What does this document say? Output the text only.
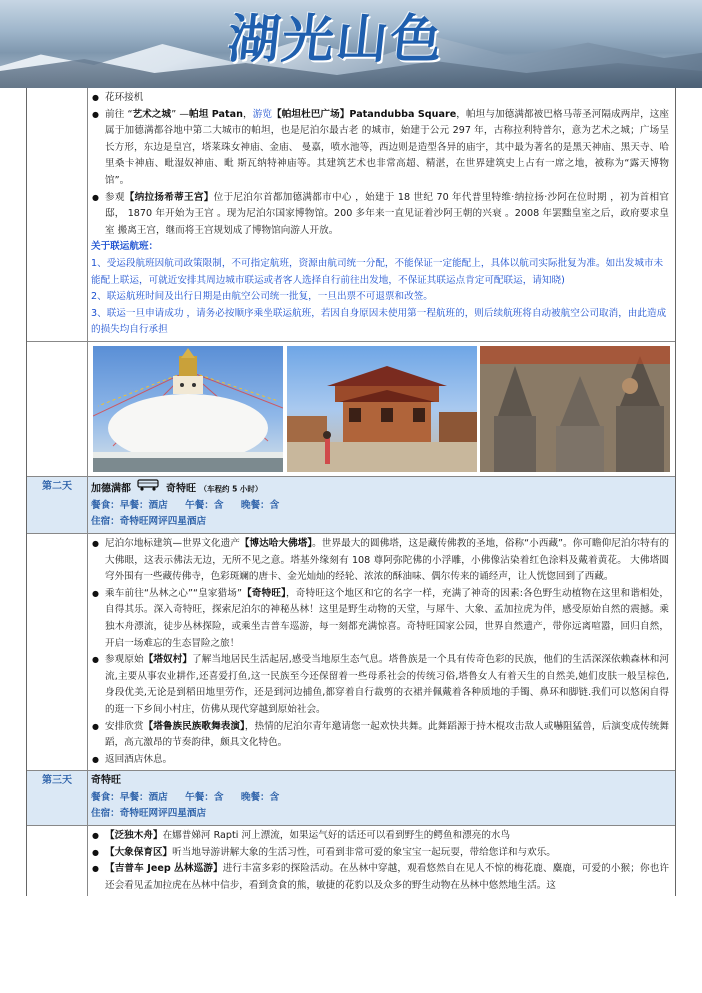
湖光山色
● 花环接机
● 前往 “艺术之城” —帕坦 Patan，游览【帕坦杜巴广场】Patandubba Square，帕坦与加德满都被巴格马蒂圣河隔成两岸，这座属于加德满都谷地中第二大城市的帕坦，也是尼泊尔最古老 的城市，始建于公元 297 年，古称拉利特普尔，意为艺术之城；广场呈长方形，东边是皇宫，塔莱珠女神庙、金庙、 曼嘉，喷水池等，西边则是造型各异的庙宇，其中最为著名的是黑天神庙、黑天寺、哈里桑卡神庙、毗湿奴神庙、毗 斯瓦纳特神庙等。其建筑艺术也非常高超、精湛，在世界建筑史上占有一席之地，被称为“露天博物馆”。
● 参观【纳拉扬希蒂王宫】位于尼泊尔首都加德满都市中心 ，始建于 18 世纪 70 年代普里特维·纳拉扬·沙阿在位时期 ，初为首相官邸， 1870 年开始为王宫 。现为尼泊尔国家博物馆。200 多年来一直见证着沙阿王朝的兴衰 。2008 年罢黜皇室之后，政府要求皇室 搬离王宫，继而将王宫规划成了博物馆向游人开放。
关于联运航班：
1、受运段航班因航司政策限制，不可指定航班，资源由航司统一分配，不能保证一定能配上，具体以航司实际批复为准。如出发城市未能配上联运，可就近安排其周边城市联运或者客人选择自行前往出发地，不保证其联运点肯定可配联运，请知晓)
2、联运航班时间及出行日期是由航空公司统一批复，一旦出票不可退票和改签。
3、联运一旦申请成功 ，请务必按顺序乘坐联运航班，若因自身原因未使用第一程航班的，则后续航班将自动被航空公司取消，由此造成的损失均自行承担
第二天	加德满都	奇特旺 （车程约 5 小时）
餐食：早餐：酒店 午餐：含 晚餐：含
住宿：奇特旺网评四星酒店
● 尼泊尔地标建筑—世界文化遗产【博达哈大佛塔】。世界最大的圆佛塔，这是藏传佛教的圣地，俗称“小西藏”。你可瞻仰尼泊尔特有的大佛眼，这表示佛法无边，无所不见之意。塔基外缘刻有 108 尊阿弥陀佛的小浮雕，小佛像沾染着红色涂料及戴着黄花。 大佛塔圆穹外围有一些藏传佛寺，色彩斑斓的唐卡、金光灿灿的经轮、浓浓的酥油味、偶尔传来的诵经声，让人恍惚回到了西藏。
● 乘车前往“丛林之心”“皇家猎场”【奇特旺】，奇特旺这个地区和它的名字一样，充满了神奇的因素:各色野生动植物在这里和谐相处，自得其乐。深入奇特旺，探索尼泊尔的神秘丛林！这里是野生动物的天堂，与犀牛、大象、孟加拉虎为伴，感受原始自然的震撼。乘独木舟漂流，徒步丛林探险，或乘坐吉普车巡游，每一刻都充满惊喜。奇特旺国家公园，世界自然遗产，带你远离喧嚣，回归自然，开启一场难忘的生态冒险之旅！
● 参观原始【塔奴村】了解当地居民生活起居,感受当地原生态气息。塔鲁族是一个具有传奇色彩的民族，他们的生活深深依赖森林和河流,主要从事农业耕作,还喜爱打鱼,这一民族至今还保留着一些母系社会的传统习俗,塔鲁女人有着天生的自然美,她们皮肤一般呈棕色,身段优美,无论是到稻田地里劳作，还是到河边捕鱼,都穿着自行裁剪的衣裙并佩戴着各种质地的手镯、鼻环和脚链.我们可以悠闲自得的逛一下乡间小村庄，仿佛从现代穿越到原始社会。
● 安排欣赏【塔鲁族民族歌舞表演】，热情的尼泊尔青年邀请您一起欢快共舞。此舞蹈源于持木棍攻击敌人或嚇阻猛兽，后演变成传统舞蹈，高亢激昂的节奏韵律，颇具文化特色。
● 返回酒店休息。
第三天	奇特旺
餐食：早餐：酒店 午餐：含 晚餐：含
住宿：奇特旺网评四星酒店
● 【泛独木舟】在娜普娣河 Rapti 河上漂流，如果运气好的话还可以看到野生的鳄鱼和漂亮的水鸟
● 【大象保育区】听当地导游讲解大象的生活习性，可看到非常可爱的象宝宝一起玩耍，带给您详和与欢乐。
● 【吉普车 Jeep 丛林巡游】进行丰富多彩的探险活动。在丛林中穿越，观看悠然自在见人不惊的梅花鹿、麋鹿，可爱的小猴；你也许还会看见孟加拉虎在丛林中信步，看到贪食的熊，敏捷的花豹以及众多的野生动物在丛林中悠然地生活。这
